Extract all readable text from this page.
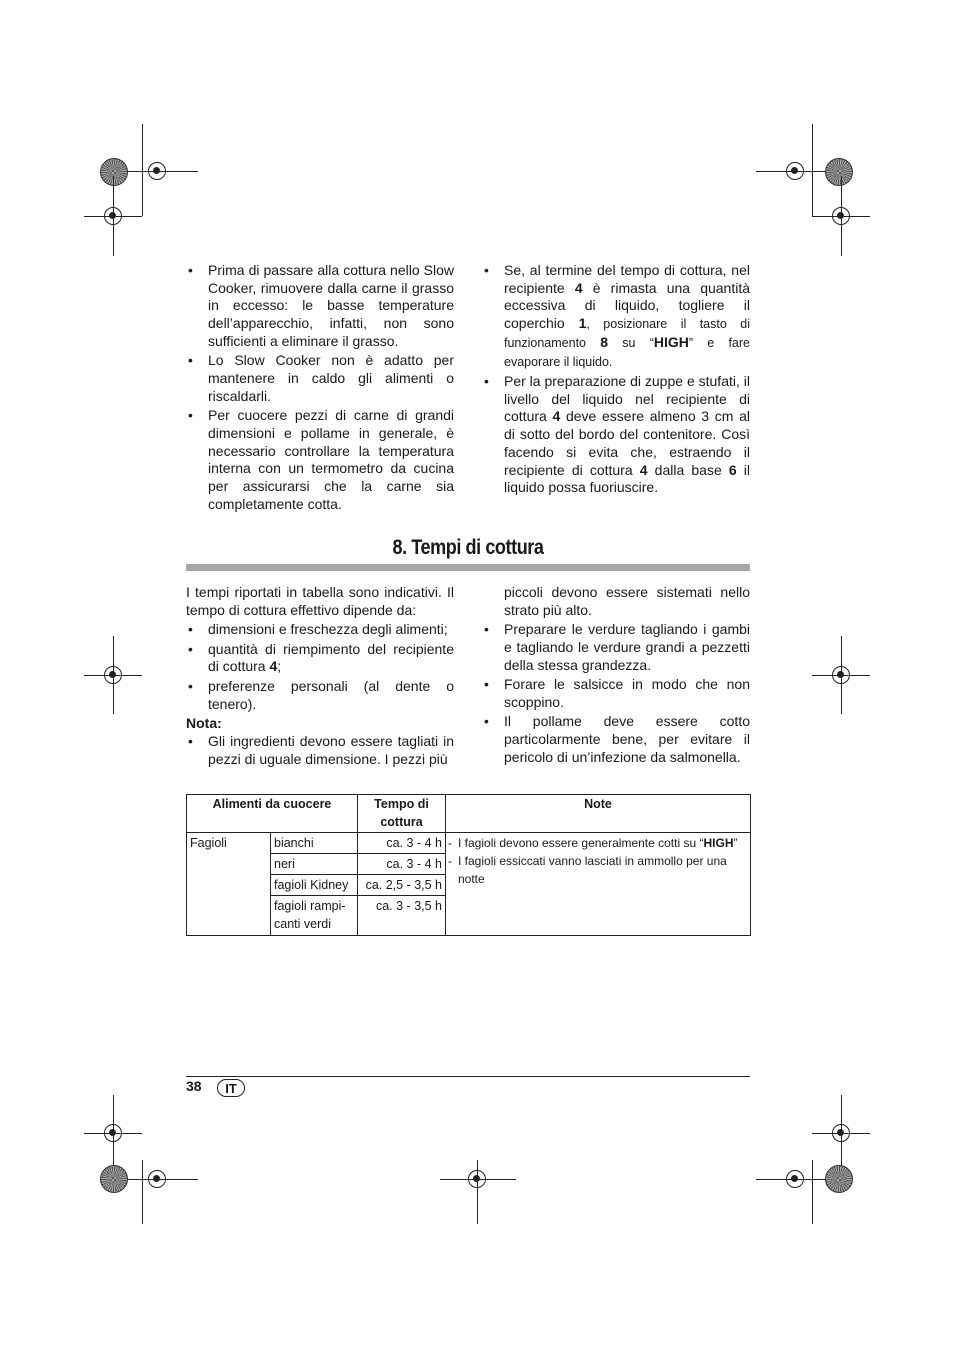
• Prima di passare alla cottura nello Slow Cooker, rimuovere dalla carne il grasso in eccesso: le basse temperature dell’apparecchio, infatti, non sono sufficienti a eliminare il grasso.
• Lo Slow Cooker non è adatto per mantenere in caldo gli alimenti o riscaldarli.
• Per cuocere pezzi di carne di grandi dimensioni e pollame in generale, è necessario controllare la temperatura interna con un termometro da cucina per assicurarsi che la carne sia completamente cotta.
• Se, al termine del tempo di cottura, nel recipiente 4 è rimasta una quantità eccessiva di liquido, togliere il coperchio 1, posizionare il tasto di funzionamento 8 su “HIGH” e fare evaporare il liquido.
• Per la preparazione di zuppe e stufati, il livello del liquido nel recipiente di cottura 4 deve essere almeno 3 cm al di sotto del bordo del contenitore. Così facendo si evita che, estraendo il recipiente di cottura 4 dalla base 6 il liquido possa fuoriuscire.
8. Tempi di cottura
I tempi riportati in tabella sono indicativi. Il tempo di cottura effettivo dipende da:
• dimensioni e freschezza degli alimenti;
• quantità di riempimento del recipiente di cottura 4;
• preferenze personali (al dente o tenero).
Nota:
• Gli ingredienti devono essere tagliati in pezzi di uguale dimensione. I pezzi più
piccoli devono essere sistemati nello strato più alto.
• Preparare le verdure tagliando i gambi e tagliando le verdure grandi a pezzetti della stessa grandezza.
• Forare le salsicce in modo che non scoppino.
• Il pollame deve essere cotto particolarmente bene, per evitare il pericolo di un’infezione da salmonella.
Alimenti da cuocere		Tempo di cottura	Note
Fagioli	bianchi	ca. 3 - 4 h	- I fagioli devono essere generalmente cotti su “HIGH”
- I fagioli essiccati vanno lasciati in ammollo per una notte

	neri	ca. 3 - 4 h	
	fagioli Kidney	ca. 2,5 - 3,5 h	
	fagioli rampi-canti verdi	ca. 3 - 3,5 h	
38	IT
